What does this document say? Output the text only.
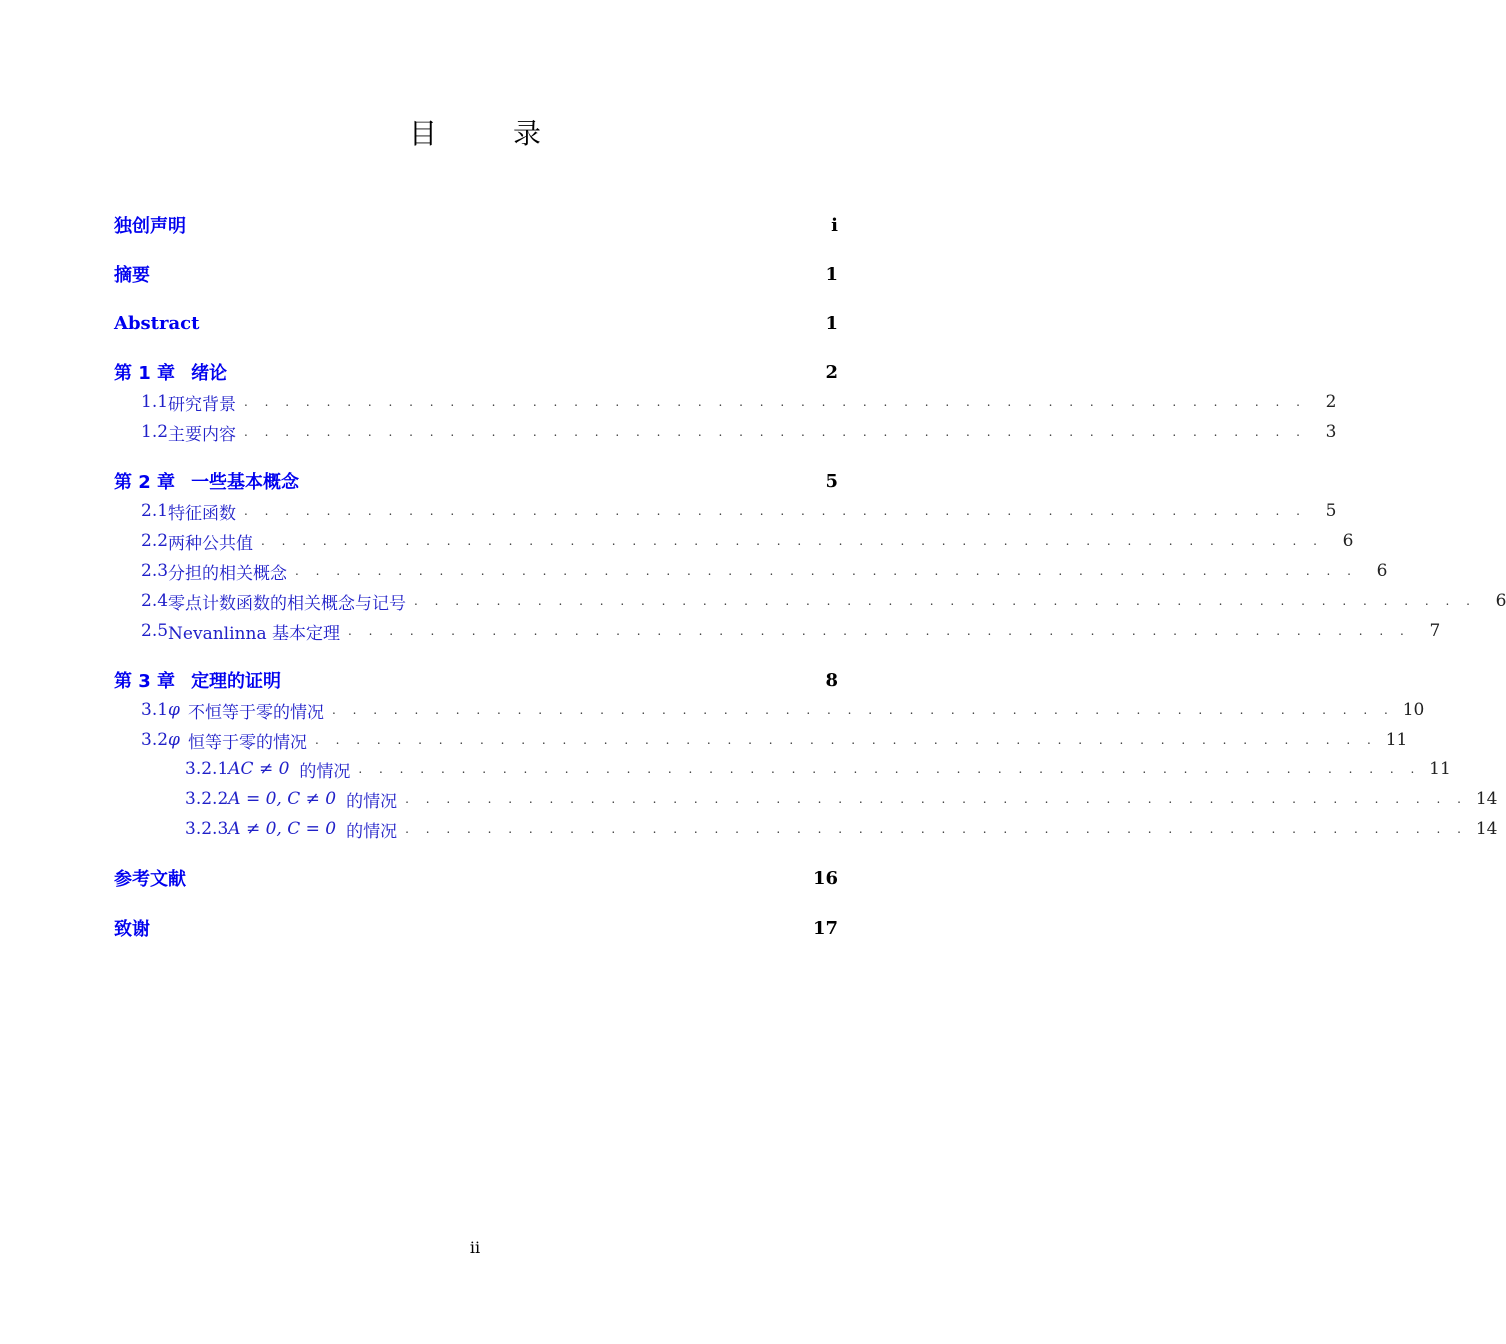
目　录
独创声明	i
摘要	1
Abstract	1
第 1 章 绪论	2
1.1 研究背景 . . . . . . . . . . . . . . . . . . . . . . . . . . . . . . . . . . . . . . . . . . . . . . . . . . . .	2
1.2 主要内容 . . . . . . . . . . . . . . . . . . . . . . . . . . . . . . . . . . . . . . . . . . . . . . . . . . . .	3
第 2 章 一些基本概念	5
2.1 特征函数 . . . . . . . . . . . . . . . . . . . . . . . . . . . . . . . . . . . . . . . . . . . . . . . . . . . .	5
2.2 两种公共值 . . . . . . . . . . . . . . . . . . . . . . . . . . . . . . . . . . . . . . . . . . . . . . . . . . . .	6
2.3 分担的相关概念 . . . . . . . . . . . . . . . . . . . . . . . . . . . . . . . . . . . . . . . . . . . . . . . . . . . .	6
2.4 零点计数函数的相关概念与记号 . . . . . . . . . . . . . . . . . . . . . . . . . . . . . . . . . . . . . . . . . . . . . . . . . . . .	6
2.5 Nevanlinna 基本定理 . . . . . . . . . . . . . . . . . . . . . . . . . . . . . . . . . . . . . . . . . . . . . . . . . . . .	7
第 3 章 定理的证明	8
3.1 φ 不恒等于零的情况 . . . . . . . . . . . . . . . . . . . . . . . . . . . . . . . . . . . . . . . . . . . . . . . . . . . . 10
3.2 φ 恒等于零的情况 . . . . . . . . . . . . . . . . . . . . . . . . . . . . . . . . . . . . . . . . . . . . . . . . . . . . 11
3.2.1 AC ≠ 0 的情况 . . . . . . . . . . . . . . . . . . . . . . . . . . . . . . . . . . . . . . . . . . . . . . . . . . . . 11
3.2.2 A = 0, C ≠ 0 的情况 . . . . . . . . . . . . . . . . . . . . . . . . . . . . . . . . . . . . . . . . . . . . . . . . . . . . 14
3.2.3 A ≠ 0, C = 0 的情况 . . . . . . . . . . . . . . . . . . . . . . . . . . . . . . . . . . . . . . . . . . . . . . . . . . . . 14
参考文献	16
致谢	17
ii
